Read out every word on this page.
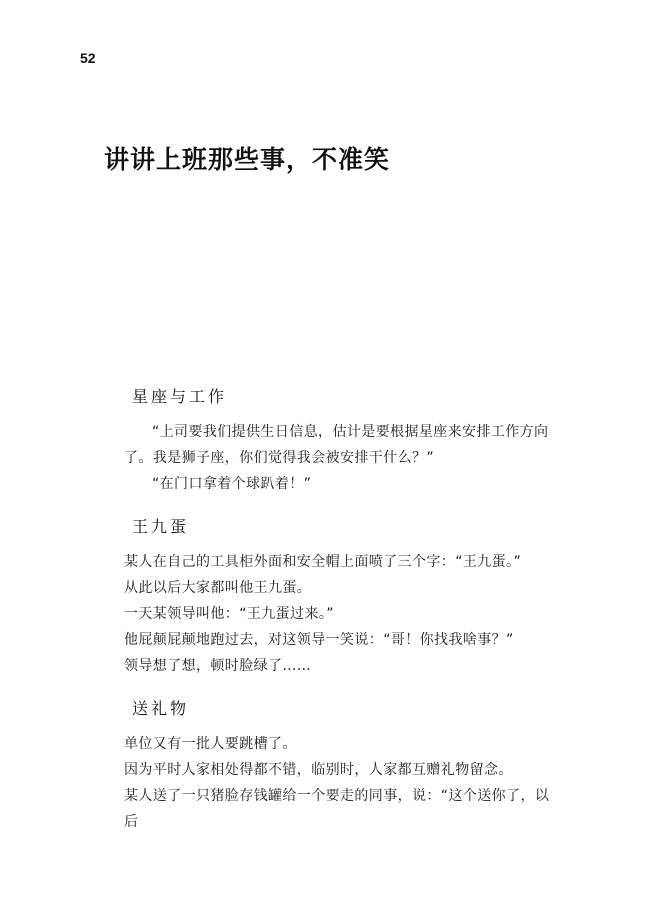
52
讲讲上班那些事，不准笑
星座与工作

“上司要我们提供生日信息，估计是要根据星座来安排工作方向了。我是狮子座，你们觉得我会被安排干什么？”

“在门口拿着个球趴着！”

王九蛋

某人在自己的工具柜外面和安全帽上面喷了三个字：“王九蛋。”

从此以后大家都叫他王九蛋。

一天某领导叫他：“王九蛋过来。”

他屁颠屁颠地跑过去，对这领导一笑说：“哥！你找我啥事？”

领导想了想，顿时脸绿了……

送礼物

单位又有一批人要跳槽了。

因为平时人家相处得都不错，临别时，人家都互赠礼物留念。

某人送了一只猪脸存钱罐给一个要走的同事，说：“这个送你了，以后
